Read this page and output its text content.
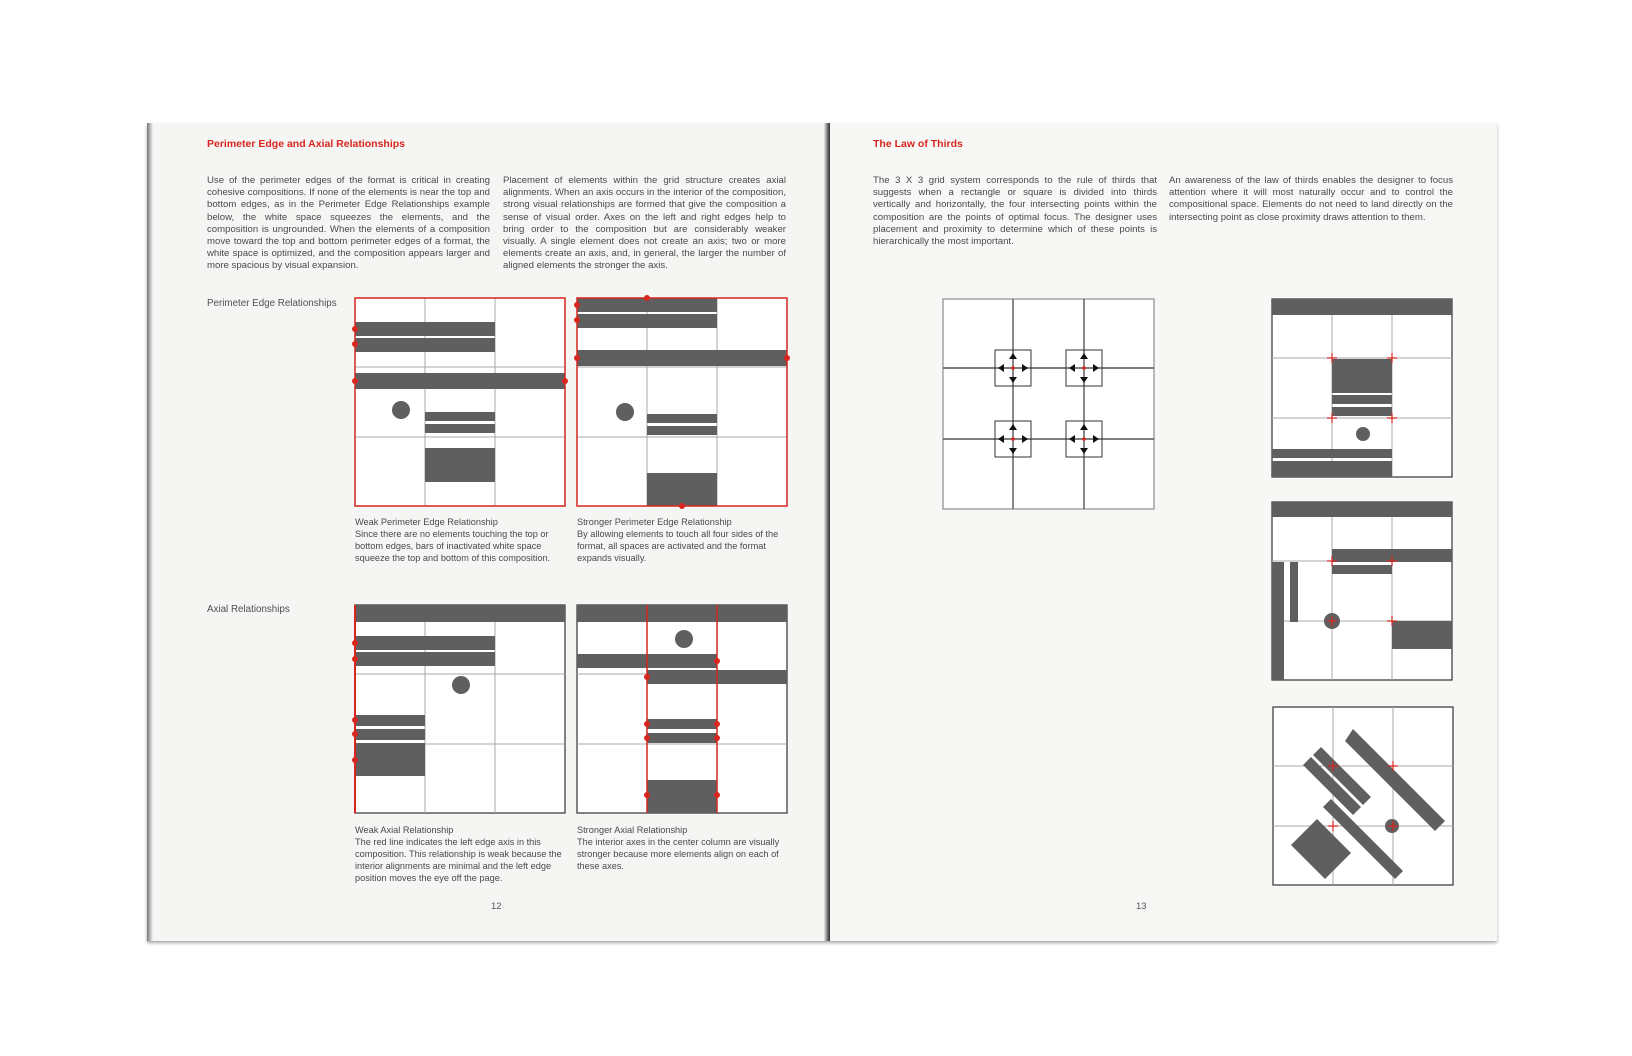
Perimeter Edge and Axial Relationships

Use of the perimeter edges of the format is critical in creating cohesive compositions. If none of the elements is near the top and bottom edges, as in the Perimeter Edge Relationships example below, the white space squeezes the elements, and the composition is ungrounded. When the elements of a composition move toward the top and bottom perimeter edges of a format, the white space is optimized, and the composition appears larger and more spacious by visual expansion.

Placement of elements within the grid structure creates axial alignments. When an axis occurs in the interior of the composition, strong visual relationships are formed that give the composition a sense of visual order. Axes on the left and right edges help to bring order to the composition but are considerably weaker visually. A single element does not create an axis; two or more elements create an axis, and, in general, the larger the number of aligned elements the stronger the axis.

Perimeter Edge Relationships

Axial Relationships

Weak Perimeter Edge Relationship
Since there are no elements touching the top or bottom edges, bars of inactivated white space squeeze the top and bottom of this composition.

Stronger Perimeter Edge Relationship
By allowing elements to touch all four sides of the format, all spaces are activated and the format expands visually.

Weak Axial Relationship
The red line indicates the left edge axis in this composition. This relationship is weak because the interior alignments are minimal and the left edge position moves the eye off the page.

Stronger Axial Relationship
The interior axes in the center column are visually stronger because more elements align on each of these axes.

12

The Law of Thirds

The 3 X 3 grid system corresponds to the rule of thirds that suggests when a rectangle or square is divided into thirds vertically and horizontally, the four intersecting points within the composition are the points of optimal focus. The designer uses placement and proximity to determine which of these points is hierarchically the most important.

An awareness of the law of thirds enables the designer to focus attention where it will most naturally occur and to control the compositional space. Elements do not need to land directly on the intersecting point as close proximity draws attention to them.

13
